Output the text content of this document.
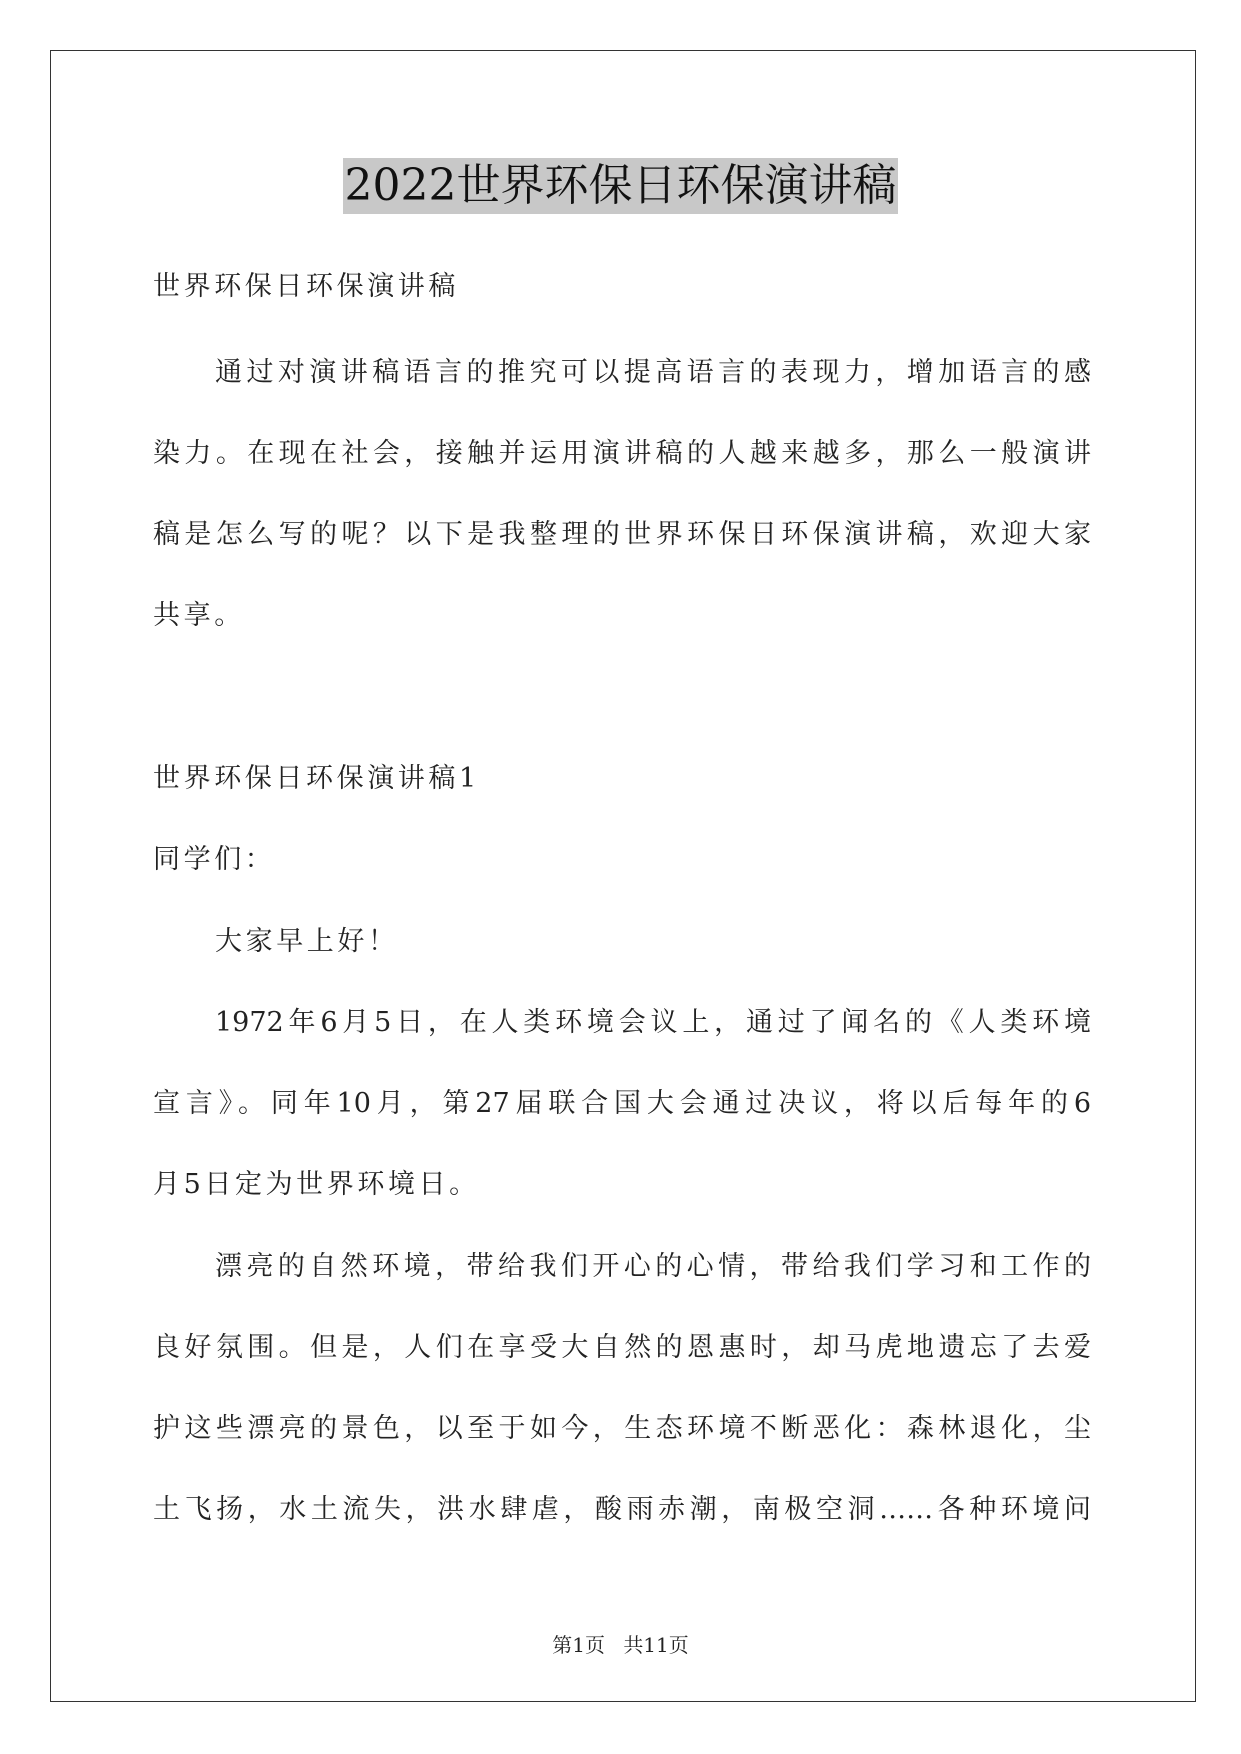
2022世界环保日环保演讲稿
世界环保日环保演讲稿
通过对演讲稿语言的推究可以提高语言的表现力，增加语言的感
染力。在现在社会，接触并运用演讲稿的人越来越多，那么一般演讲
稿是怎么写的呢？以下是我整理的世界环保日环保演讲稿，欢迎大家
共享。
世界环保日环保演讲稿1
同学们：
大家早上好！
1972年6月5日，在人类环境会议上，通过了闻名的《人类环境
宣言》。同年10月，第27届联合国大会通过决议，将以后每年的6
月5日定为世界环境日。
漂亮的自然环境，带给我们开心的心情，带给我们学习和工作的
良好氛围。但是，人们在享受大自然的恩惠时，却马虎地遗忘了去爱
护这些漂亮的景色，以至于如今，生态环境不断恶化：森林退化，尘
土飞扬，水土流失，洪水肆虐，酸雨赤潮，南极空洞……各种环境问
第1页 共11页
